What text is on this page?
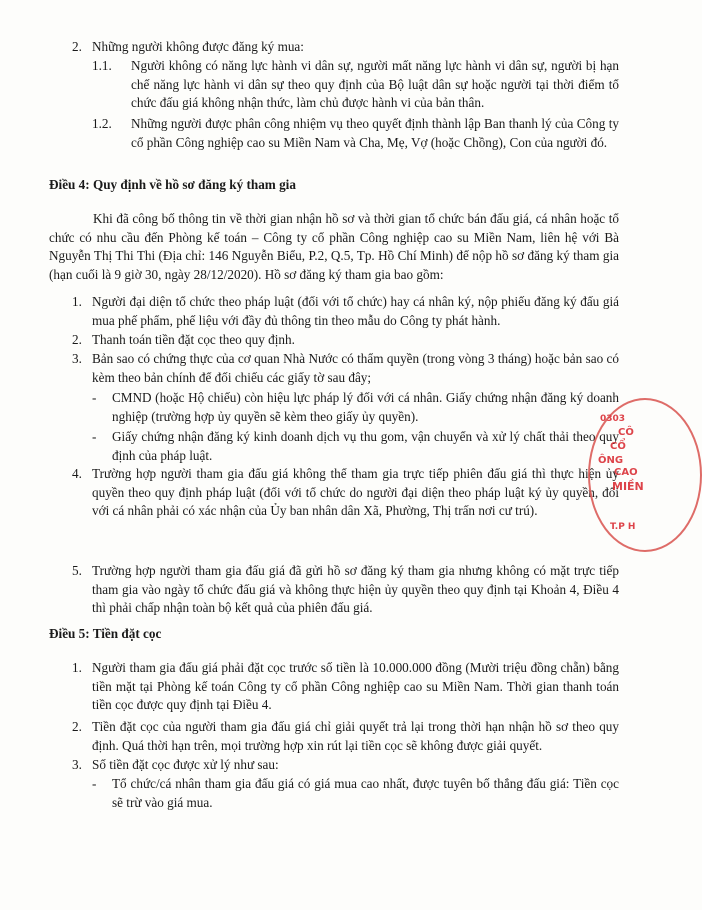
2. Những người không được đăng ký mua:

1.1. Người không có năng lực hành vi dân sự, người mất năng lực hành vi dân sự, người bị hạn chế năng lực hành vi dân sự theo quy định của Bộ luật dân sự hoặc người tại thời điểm tổ chức đấu giá không nhận thức, làm chủ được hành vi của bản thân.

1.2. Những người được phân công nhiệm vụ theo quyết định thành lập Ban thanh lý của Công ty cổ phần Công nghiệp cao su Miền Nam và Cha, Mẹ, Vợ (hoặc Chồng), Con của người đó.

Điều 4: Quy định về hồ sơ đăng ký tham gia

Khi đã công bố thông tin về thời gian nhận hồ sơ và thời gian tổ chức bán đấu giá, cá nhân hoặc tổ chức có nhu cầu đến Phòng kế toán – Công ty cổ phần Công nghiệp cao su Miền Nam, liên hệ với Bà Nguyễn Thị Thi Thi (Địa chỉ: 146 Nguyễn Biểu, P.2, Q.5, Tp. Hồ Chí Minh) để nộp hồ sơ đăng ký tham gia (hạn cuối là 9 giờ 30, ngày 28/12/2020). Hồ sơ đăng ký tham gia bao gồm:

1. Người đại diện tổ chức theo pháp luật (đối với tổ chức) hay cá nhân ký, nộp phiếu đăng ký đấu giá mua phế phẩm, phế liệu với đầy đủ thông tin theo mẫu do Công ty phát hành.

2. Thanh toán tiền đặt cọc theo quy định.

3. Bản sao có chứng thực của cơ quan Nhà Nước có thẩm quyền (trong vòng 3 tháng) hoặc bản sao có kèm theo bản chính để đối chiếu các giấy tờ sau đây;

- CMND (hoặc Hộ chiếu) còn hiệu lực pháp lý đối với cá nhân. Giấy chứng nhận đăng ký doanh nghiệp (trường hợp ủy quyền sẽ kèm theo giấy ủy quyền).

- Giấy chứng nhận đăng ký kinh doanh dịch vụ thu gom, vận chuyển và xử lý chất thải theo quy định của pháp luật.

4. Trường hợp người tham gia đấu giá không thể tham gia trực tiếp phiên đấu giá thì thực hiện ủy quyền theo quy định pháp luật (đối với tổ chức do người đại diện theo pháp luật ký ủy quyền, đối với cá nhân phải có xác nhận của Ủy ban nhân dân Xã, Phường, Thị trấn nơi cư trú).

5. Trường hợp người tham gia đấu giá đã gửi hồ sơ đăng ký tham gia nhưng không có mặt trực tiếp tham gia vào ngày tổ chức đấu giá và không thực hiện ủy quyền theo quy định tại Khoản 4, Điều 4 thì phải chấp nhận toàn bộ kết quả của phiên đấu giá.

Điều 5: Tiền đặt cọc
1. Người tham gia đấu giá phải đặt cọc trước số tiền là 10.000.000 đồng (Mười triệu đồng chẵn) bằng tiền mặt tại Phòng kế toán Công ty cổ phần Công nghiệp cao su Miền Nam. Thời gian thanh toán tiền cọc được quy định tại Điều 4.

2. Tiền đặt cọc của người tham gia đấu giá chỉ giải quyết trả lại trong thời hạn nhận hồ sơ theo quy định. Quá thời hạn trên, mọi trường hợp xin rút lại tiền cọc sẽ không được giải quyết.

3. Số tiền đặt cọc được xử lý như sau:

- Tổ chức/cá nhân tham gia đấu giá có giá mua cao nhất, được tuyên bố thắng đấu giá: Tiền cọc sẽ trừ vào giá mua.

0303
CÔ
CỔ
ÔNG
CAO
MIỀN
T.P H
